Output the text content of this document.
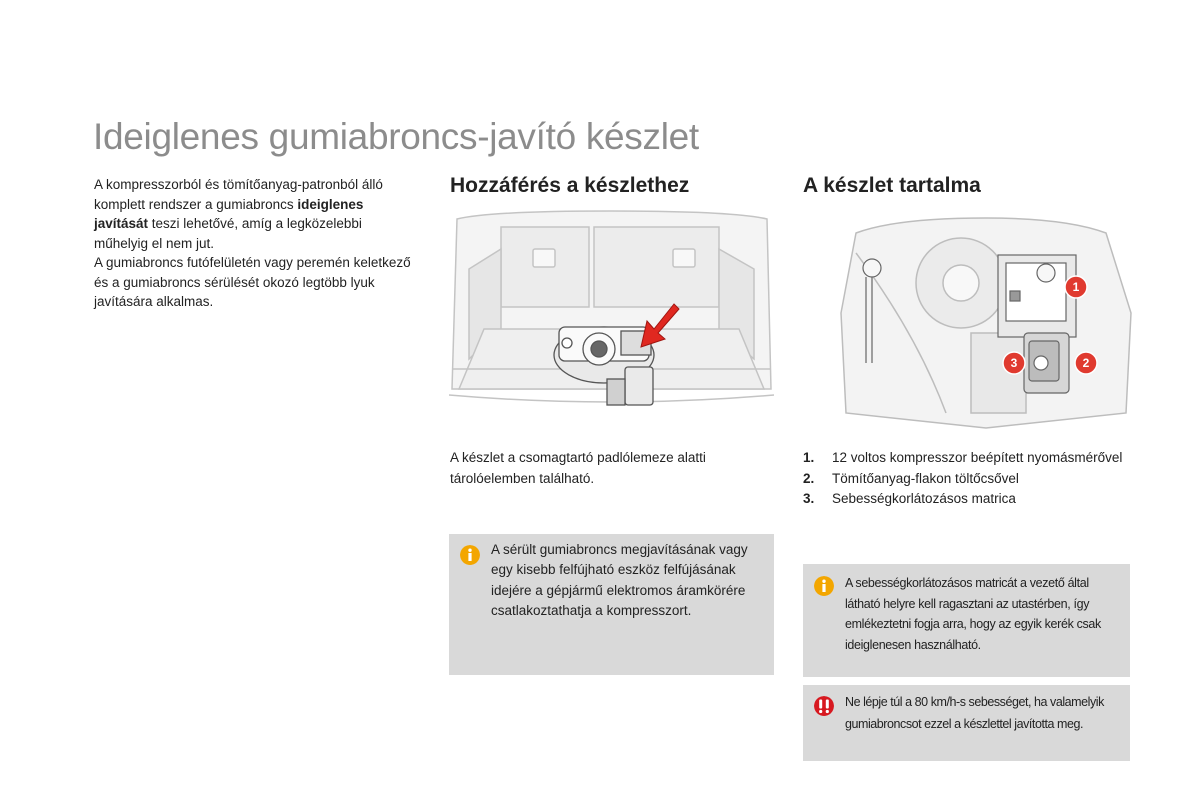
Ideiglenes gumiabroncs-javító készlet

A kompresszorból és tömítőanyag-patronból álló komplett rendszer a gumiabroncs ideiglenes javítását teszi lehetővé, amíg a legközelebbi műhelyig el nem jut.

A gumiabroncs futófelületén vagy peremén keletkező és a gumiabroncs sérülését okozó legtöbb lyuk javítására alkalmas.

Hozzáférés a készlethez	A készlet tartalma
1
2
3

A készlet a csomagtartó padlólemeze alatti tárolóelemben található.

1.	12 voltos kompresszor beépített nyomásmérővel
2.	Tömítőanyag-flakon töltőcsővel
3.	Sebességkorlátozásos matrica

A sérült gumiabroncs megjavításának vagy egy kisebb felfújható eszköz felfújásának idejére a gépjármű elektromos áramkörére csatlakoztathatja a kompresszort.

A sebességkorlátozásos matricát a vezető által látható helyre kell ragasztani az utastérben, így emlékeztetni fogja arra, hogy az egyik kerék csak ideiglenesen használható.

Ne lépje túl a 80 km/h-s sebességet, ha valamelyik gumiabroncsot ezzel a készlettel javította meg.
